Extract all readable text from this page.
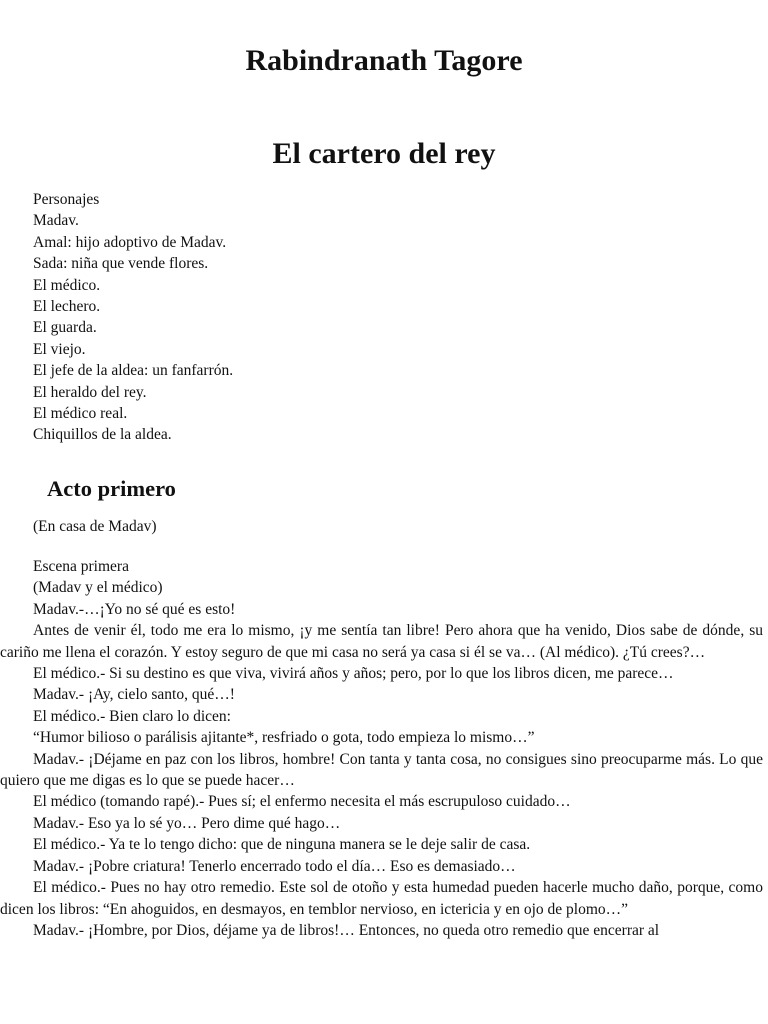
Rabindranath Tagore
El cartero del rey
Personajes
Madav.
Amal: hijo adoptivo de Madav.
Sada: niña que vende flores.
El médico.
El lechero.
El guarda.
El viejo.
El jefe de la aldea: un fanfarrón.
El heraldo del rey.
El médico real.
Chiquillos de la aldea.
Acto primero
(En casa de Madav)
Escena primera
(Madav y el médico)
Madav.-…¡Yo no sé qué es esto!
Antes de venir él, todo me era lo mismo, ¡y me sentía tan libre! Pero ahora que ha venido, Dios sabe de dónde, su cariño me llena el corazón. Y estoy seguro de que mi casa no será ya casa si él se va… (Al médico). ¿Tú crees?…
El médico.- Si su destino es que viva, vivirá años y años; pero, por lo que los libros dicen, me parece…
Madav.- ¡Ay, cielo santo, qué…!
El médico.- Bien claro lo dicen:
“Humor bilioso o parálisis ajitante*, resfriado o gota, todo empieza lo mismo…”
Madav.- ¡Déjame en paz con los libros, hombre! Con tanta y tanta cosa, no consigues sino preocuparme más. Lo que quiero que me digas es lo que se puede hacer…
El médico (tomando rapé).- Pues sí; el enfermo necesita el más escrupuloso cuidado…
Madav.- Eso ya lo sé yo… Pero dime qué hago…
El médico.- Ya te lo tengo dicho: que de ninguna manera se le deje salir de casa.
Madav.- ¡Pobre criatura! Tenerlo encerrado todo el día… Eso es demasiado…
El médico.- Pues no hay otro remedio. Este sol de otoño y esta humedad pueden hacerle mucho daño, porque, como dicen los libros: “En ahoguidos, en desmayos, en temblor nervioso, en ictericia y en ojo de plomo…”
Madav.- ¡Hombre, por Dios, déjame ya de libros!… Entonces, no queda otro remedio que encerrar al
